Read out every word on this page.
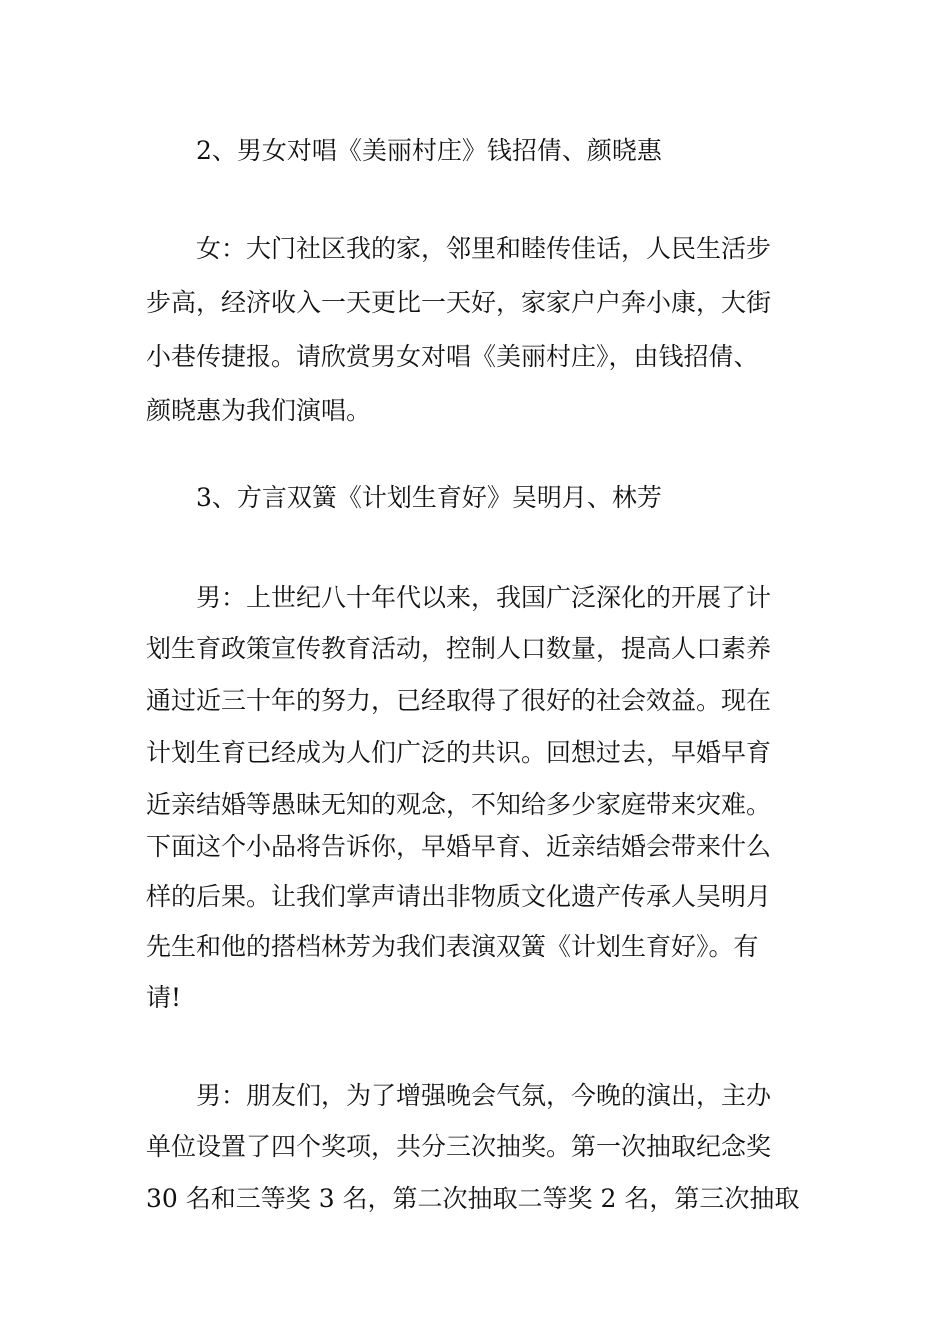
2、男女对唱《美丽村庄》钱招倩、颜晓惠
女：大门社区我的家，邻里和睦传佳话，人民生活步
步高，经济收入一天更比一天好，家家户户奔小康，大街
小巷传捷报。请欣赏男女对唱《美丽村庄》，由钱招倩、
颜晓惠为我们演唱。
3、方言双簧《计划生育好》吴明月、林芳
男：上世纪八十年代以来，我国广泛深化的开展了计
划生育政策宣传教育活动，控制人口数量，提高人口素养
通过近三十年的努力，已经取得了很好的社会效益。现在
计划生育已经成为人们广泛的共识。回想过去，早婚早育
近亲结婚等愚昧无知的观念，不知给多少家庭带来灾难。
下面这个小品将告诉你，早婚早育、近亲结婚会带来什么
样的后果。让我们掌声请出非物质文化遗产传承人吴明月
先生和他的搭档林芳为我们表演双簧《计划生育好》。有
请!
男：朋友们，为了增强晚会气氛，今晚的演出，主办
单位设置了四个奖项，共分三次抽奖。第一次抽取纪念奖
30 名和三等奖 3 名，第二次抽取二等奖 2 名，第三次抽取
